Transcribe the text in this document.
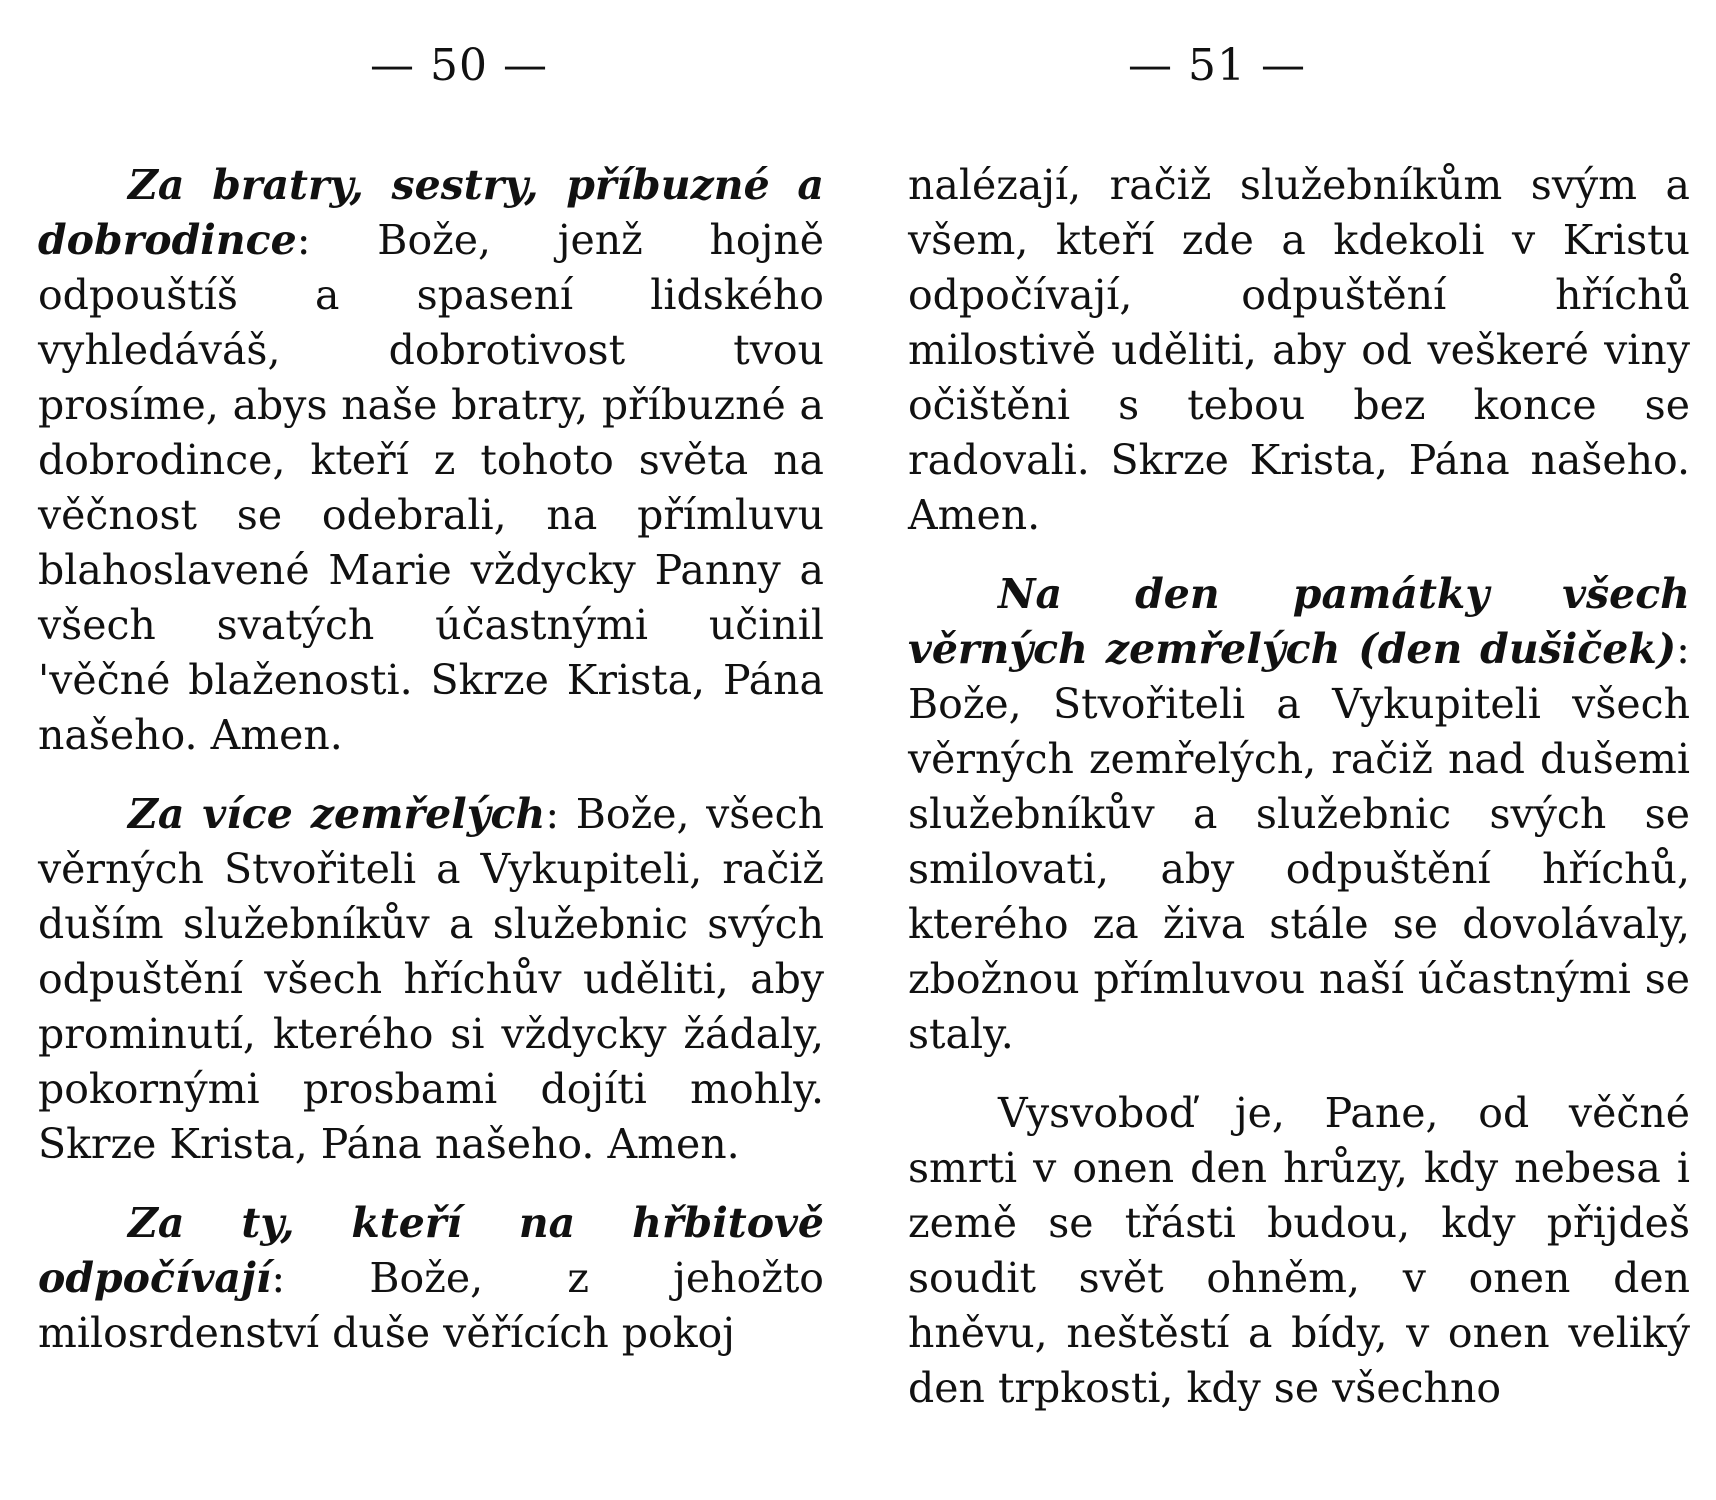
— 50 —

Za bratry, sestry, příbuzné a dobrodince: Bože, jenž hojně odpouštíš a spasení lidského vyhledáváš, dobrotivost tvou prosíme, abys naše bratry, příbuzné a dobrodince, kteří z tohoto světa na věčnost se odebrali, na přímluvu blahoslavené Marie vždycky Panny a všech svatých účastnými učinil 'věčné blaženosti. Skrze Krista, Pána našeho. Amen.

Za více zemřelých: Bože, všech věrných Stvořiteli a Vykupiteli, račiž duším služebníkův a služebnic svých odpuštění všech hříchův uděliti, aby prominutí, kterého si vždycky žádaly, pokornými prosbami dojíti mohly. Skrze Krista, Pána našeho. Amen.

Za ty, kteří na hřbitově odpočívají: Bože, z jehožto milosrdenství duše věřících pokoj

— 51 —

nalézají, račiž služebníkům svým a všem, kteří zde a kdekoli v Kristu odpočívají, odpuštění hříchů milostivě uděliti, aby od veškeré viny očištěni s tebou bez konce se radovali. Skrze Krista, Pána našeho. Amen.

Na den památky všech věrných zemřelých (den dušiček): Bože, Stvořiteli a Vykupiteli všech věrných zemřelých, račiž nad dušemi služebníkův a služebnic svých se smilovati, aby odpuštění hříchů, kterého za živa stále se dovolávaly, zbožnou přímluvou naší účastnými se staly.

Vysvoboď je, Pane, od věčné smrti v onen den hrůzy, kdy nebesa i země se třásti budou, kdy přijdeš soudit svět ohněm, v onen den hněvu, neštěstí a bídy, v onen veliký den trpkosti, kdy se všechno
